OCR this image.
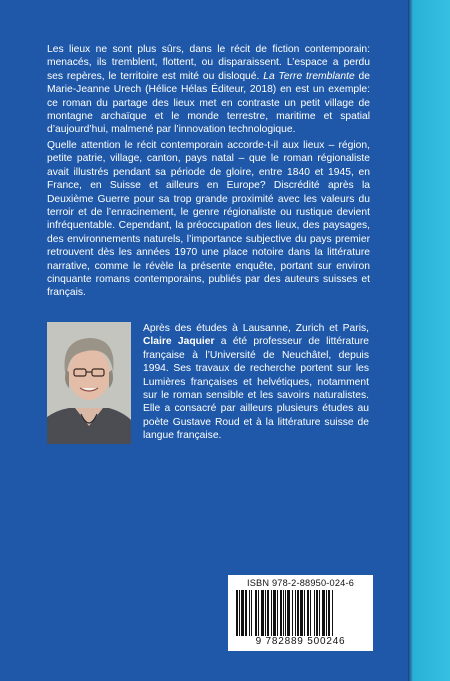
Les lieux ne sont plus sûrs, dans le récit de fiction contemporain: menacés, ils tremblent, flottent, ou disparaissent. L’espace a perdu ses repères, le territoire est mité ou disloqué. La Terre tremblante de Marie-Jeanne Urech (Hélice Hélas Éditeur, 2018) en est un exemple: ce roman du partage des lieux met en contraste un petit village de montagne archaïque et le monde terrestre, maritime et spatial d’aujourd’hui, malmené par l’innovation technologique.

Quelle attention le récit contemporain accorde-t-il aux lieux – région, petite patrie, village, canton, pays natal – que le roman régionaliste avait illustrés pendant sa période de gloire, entre 1840 et 1945, en France, en Suisse et ailleurs en Europe? Discrédité après la Deuxième Guerre pour sa trop grande proximité avec les valeurs du terroir et de l’enracinement, le genre régionaliste ou rustique devient infréquentable. Cependant, la préoccupation des lieux, des paysages, des environnements naturels, l’importance subjective du pays premier retrouvent dès les années 1970 une place notoire dans la littérature narrative, comme le révèle la présente enquête, portant sur environ cinquante romans contemporains, publiés par des auteurs suisses et français.

Après des études à Lausanne, Zurich et Paris, Claire Jaquier a été professeur de littérature française à l’Université de Neuchâtel, depuis 1994. Ses travaux de recherche portent sur les Lumières françaises et helvétiques, notamment sur le roman sensible et les savoirs naturalistes. Elle a consacré par ailleurs plusieurs études au poète Gustave Roud et à la littérature suisse de langue française.

ISBN 978-2-88950-024-6
9 782889 500246
